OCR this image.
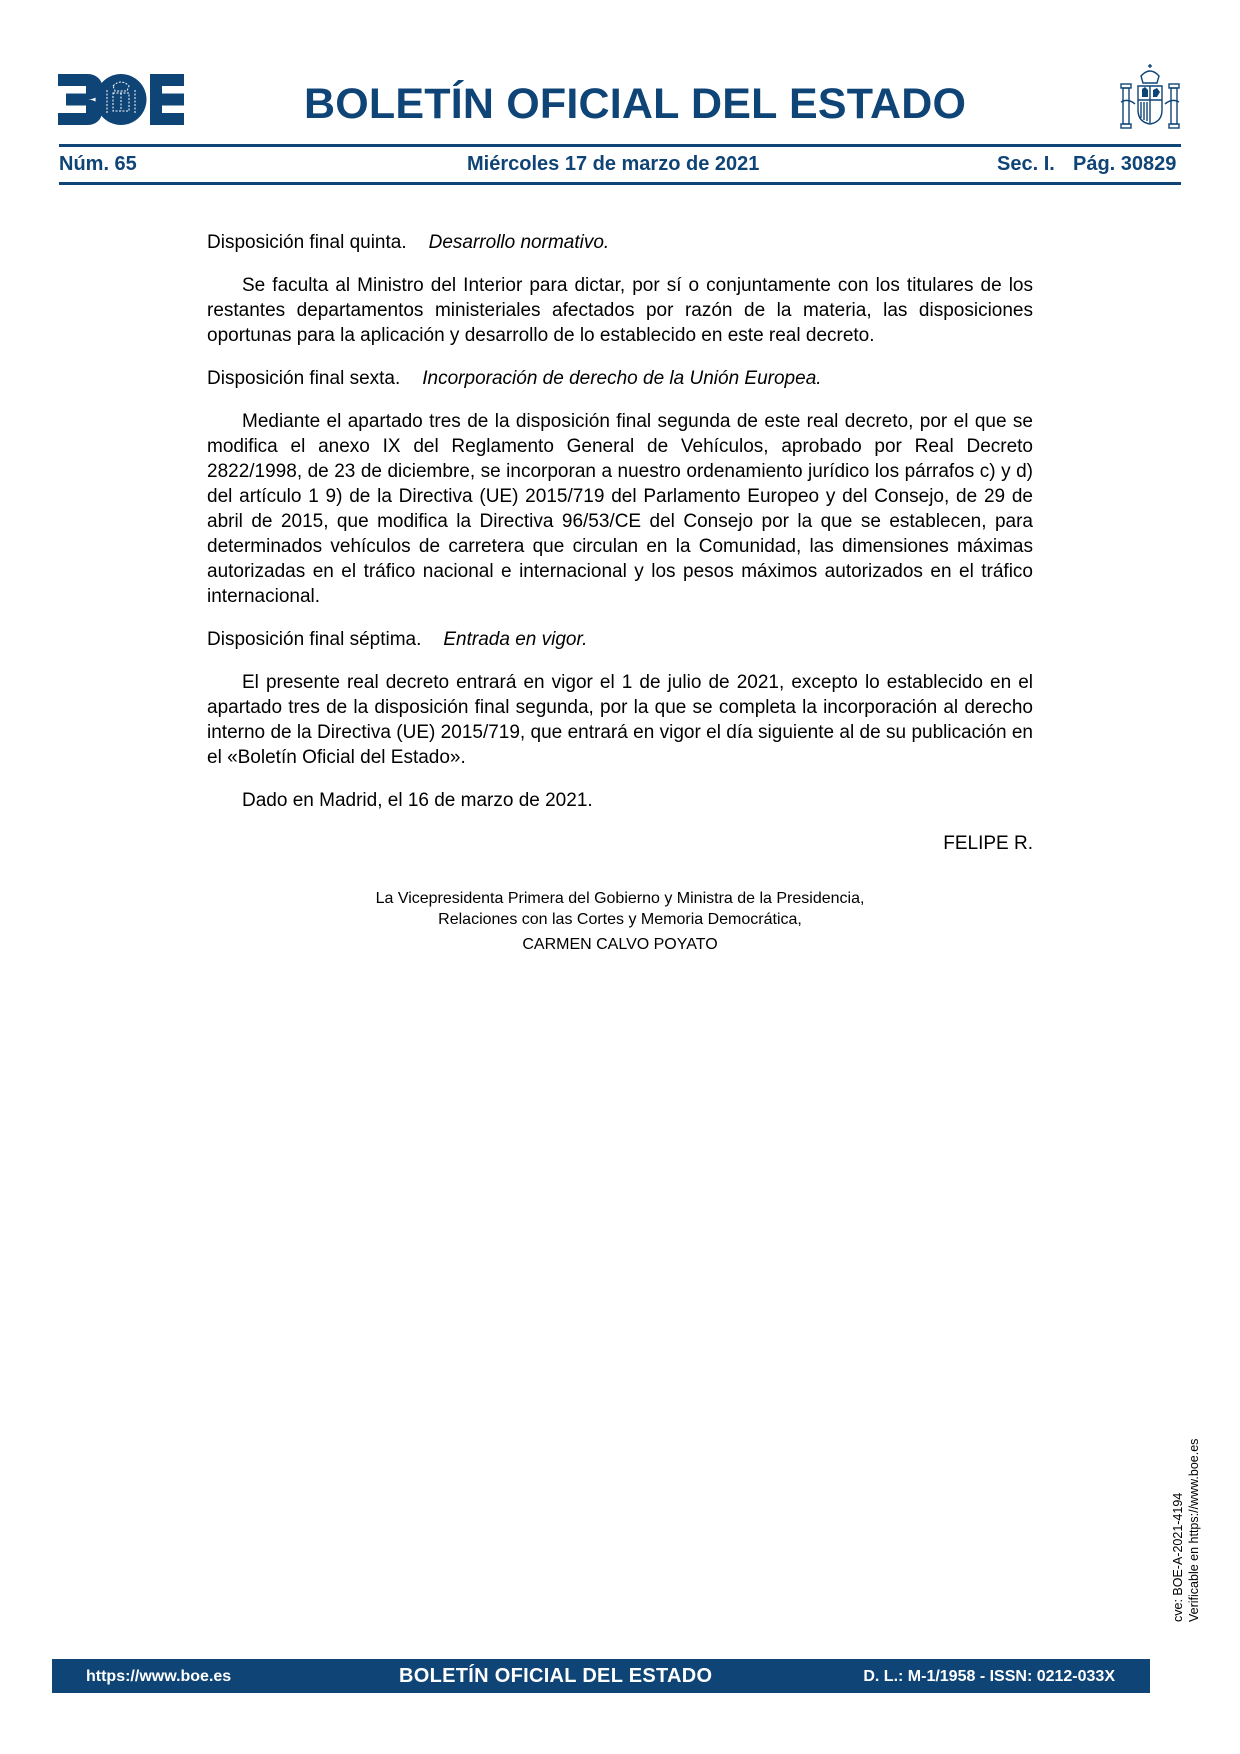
BOLETÍN OFICIAL DEL ESTADO
Núm. 65	Miércoles 17 de marzo de 2021	Sec. I. Pág. 30829

Disposición final quinta. Desarrollo normativo.

Se faculta al Ministro del Interior para dictar, por sí o conjuntamente con los titulares de los restantes departamentos ministeriales afectados por razón de la materia, las disposiciones oportunas para la aplicación y desarrollo de lo establecido en este real decreto.

Disposición final sexta. Incorporación de derecho de la Unión Europea.

Mediante el apartado tres de la disposición final segunda de este real decreto, por el que se modifica el anexo IX del Reglamento General de Vehículos, aprobado por Real Decreto 2822/1998, de 23 de diciembre, se incorporan a nuestro ordenamiento jurídico los párrafos c) y d) del artículo 1 9) de la Directiva (UE) 2015/719 del Parlamento Europeo y del Consejo, de 29 de abril de 2015, que modifica la Directiva 96/53/CE del Consejo por la que se establecen, para determinados vehículos de carretera que circulan en la Comunidad, las dimensiones máximas autorizadas en el tráfico nacional e internacional y los pesos máximos autorizados en el tráfico internacional.

Disposición final séptima. Entrada en vigor.

El presente real decreto entrará en vigor el 1 de julio de 2021, excepto lo establecido en el apartado tres de la disposición final segunda, por la que se completa la incorporación al derecho interno de la Directiva (UE) 2015/719, que entrará en vigor el día siguiente al de su publicación en el «Boletín Oficial del Estado».

Dado en Madrid, el 16 de marzo de 2021.

FELIPE R.

La Vicepresidenta Primera del Gobierno y Ministra de la Presidencia,
Relaciones con las Cortes y Memoria Democrática,
CARMEN CALVO POYATO
cve: BOE-A-2021-4194 Verificable en https://www.boe.es
https://www.boe.es	BOLETÍN OFICIAL DEL ESTADO	D. L.: M-1/1958 - ISSN: 0212-033X
